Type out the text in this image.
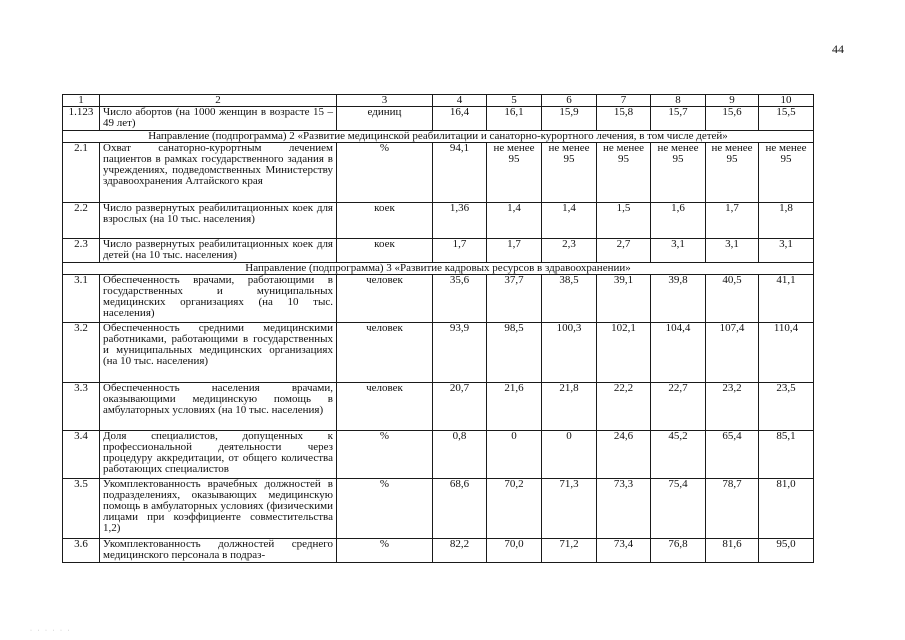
44
1	2	3	4	5	6	7	8	9	10
1.123	Число абортов (на 1000 женщин в возрасте 15 – 49 лет)	единиц	16,4	16,1	15,9	15,8	15,7	15,6	15,5
Направление (подпрограмма) 2 «Развитие медицинской реабилитации и санаторно-курортного лечения, в том числе детей»									
2.1	Охват санаторно-курортным лечением пациентов в рамках государственного задания в учреждениях, подведомственных Министерству здравоохранения Алтайского края	%	94,1	не менее 95	не менее 95	не менее 95	не менее 95	не менее 95	не менее 95
2.2	Число развернутых реабилитационных коек для взрослых (на 10 тыс. населения)	коек	1,36	1,4	1,4	1,5	1,6	1,7	1,8
2.3	Число развернутых реабилитационных коек для детей (на 10 тыс. населения)	коек	1,7	1,7	2,3	2,7	3,1	3,1	3,1
Направление (подпрограмма) 3 «Развитие кадровых ресурсов в здравоохранении»									
3.1	Обеспеченность врачами, работающими в государственных и муниципальных медицинских организациях (на 10 тыс. населения)	человек	35,6	37,7	38,5	39,1	39,8	40,5	41,1
3.2	Обеспеченность средними медицинскими работниками, работающими в государственных и муниципальных медицинских организациях (на 10 тыс. населения)	человек	93,9	98,5	100,3	102,1	104,4	107,4	110,4
3.3	Обеспеченность населения врачами, оказывающими медицинскую помощь в амбулаторных условиях (на 10 тыс. населения)	человек	20,7	21,6	21,8	22,2	22,7	23,2	23,5
3.4	Доля специалистов, допущенных к профессиональной деятельности через процедуру аккредитации, от общего количества работающих специалистов	%	0,8	0	0	24,6	45,2	65,4	85,1
3.5	Укомплектованность врачебных должностей в подразделениях, оказывающих медицинскую помощь в амбулаторных условиях (физическими лицами при коэффициенте совместительства 1,2)	%	68,6	70,2	71,3	73,3	75,4	78,7	81,0
3.6	Укомплектованность должностей среднего медицинского персонала в подраз-	%	82,2	70,0	71,2	73,4	76,8	81,6	95,0
· · · · · ·
